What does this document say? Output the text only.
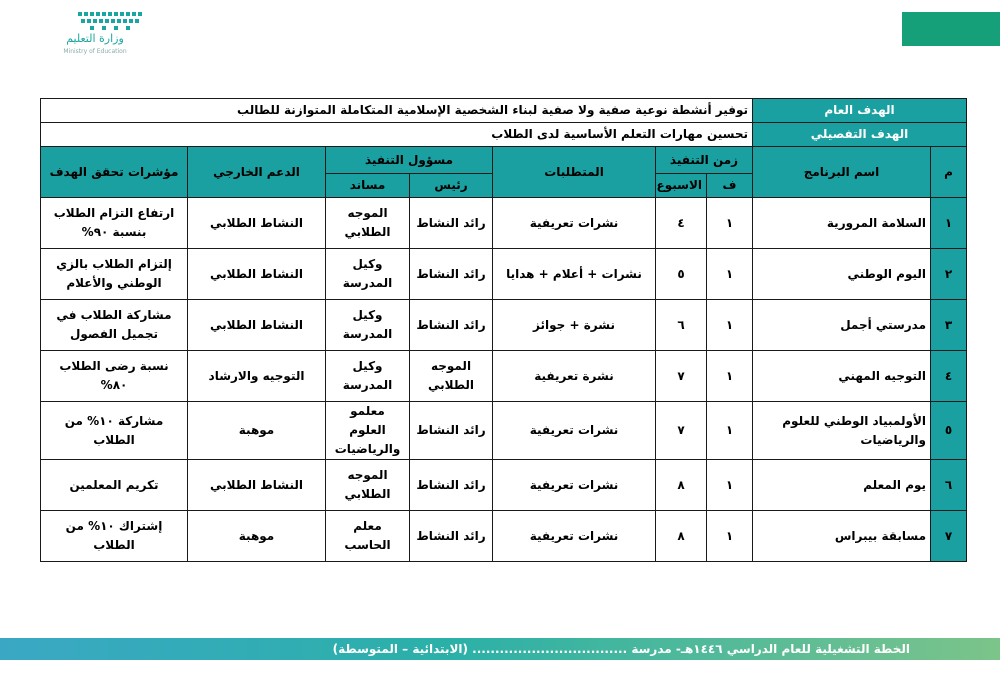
وزارة التعليم
Ministry of Education
الهدف العام		توفير أنشطة نوعية صفية ولا صفية لبناء الشخصية الإسلامية المتكاملة المتوازنة للطالب						
الهدف التفصيلي		تحسين مهارات التعلم الأساسية لدى الطلاب						
م	اسم البرنامج	زمن التنفيذ		المتطلبات	مسؤول التنفيذ		الدعم الخارجي	مؤشرات تحقق الهدف
		ف	الاسبوع		رئيس	مساند		
١	السلامة المرورية	١	٤	نشرات تعريفية	رائد النشاط	الموجه الطلابي	النشاط الطلابي	ارتفاع التزام الطلاب بنسبة ٩٠%
٢	اليوم الوطني	١	٥	نشرات + أعلام + هدايا	رائد النشاط	وكيل المدرسة	النشاط الطلابي	إلتزام الطلاب بالزي الوطني والأعلام
٣	مدرستي أجمل	١	٦	نشرة + جوائز	رائد النشاط	وكيل المدرسة	النشاط الطلابي	مشاركة الطلاب في تجميل الفصول
٤	التوجيه المهني	١	٧	نشرة تعريفية	الموجه الطلابي	وكيل المدرسة	التوجيه والارشاد	نسبة رضى الطلاب ٨٠%
٥	الأولمبياد الوطني للعلوم والرياضيات	١	٧	نشرات تعريفية	رائد النشاط	معلمو العلوم والرياضيات	موهبة	مشاركة ١٠% من الطلاب
٦	يوم المعلم	١	٨	نشرات تعريفية	رائد النشاط	الموجه الطلابي	النشاط الطلابي	تكريم المعلمين
٧	مسابقة بيبراس	١	٨	نشرات تعريفية	رائد النشاط	معلم الحاسب	موهبة	إشتراك ١٠% من الطلاب
الخطة التشغيلية للعام الدراسي ١٤٤٦هـ- مدرسة .................................. (الابتدائية – المتوسطة)
